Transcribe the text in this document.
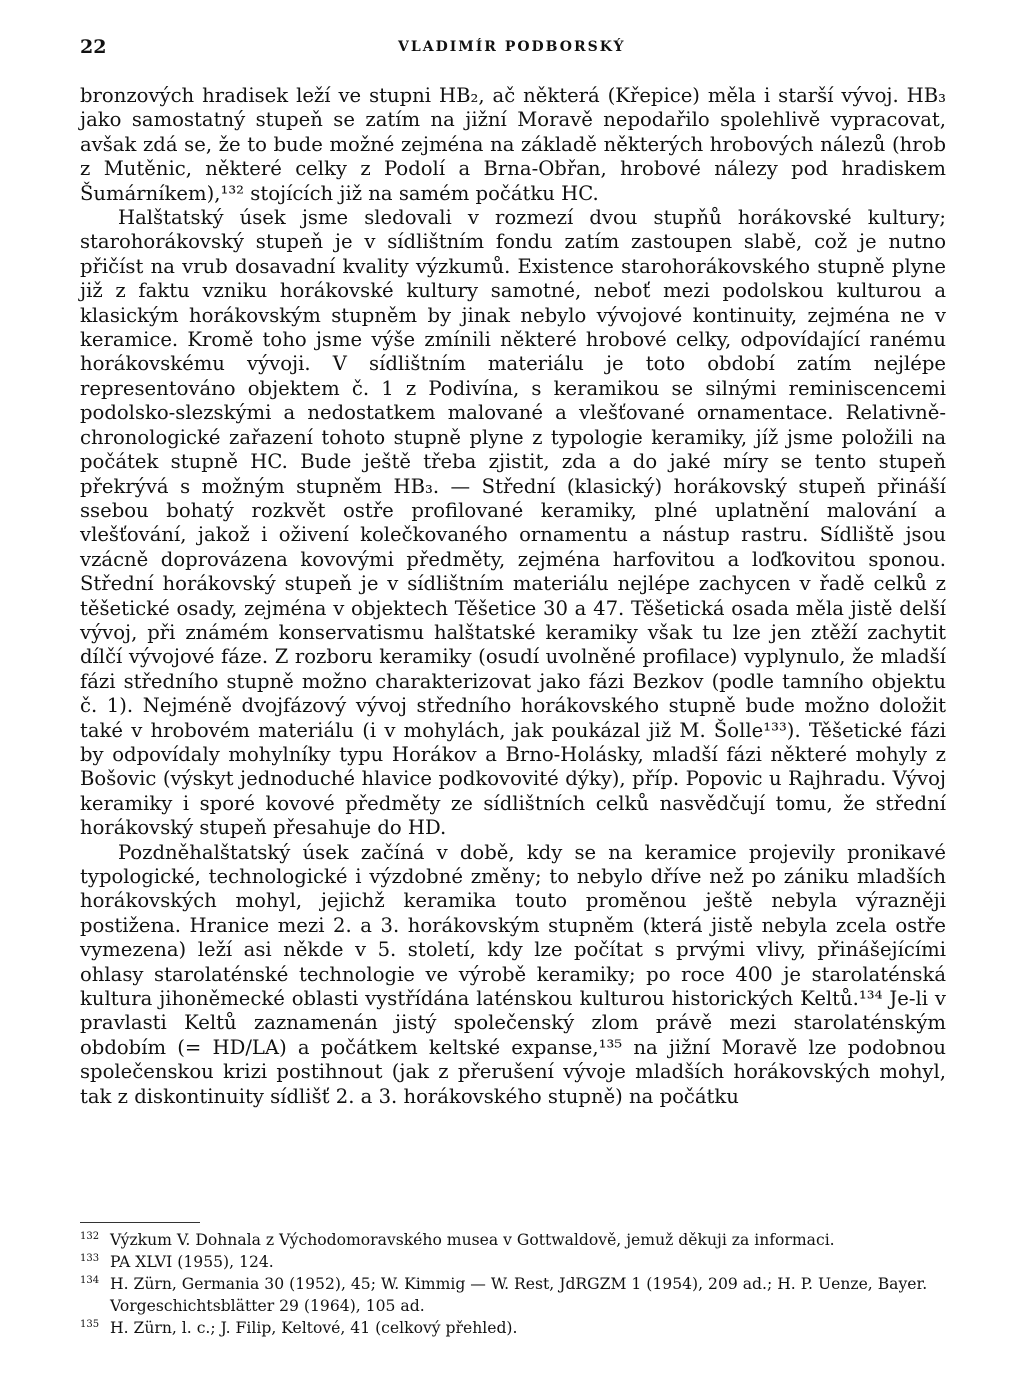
22	VLADIMÍR PODBORSKÝ

bronzových hradisek leží ve stupni HB₂, ač některá (Křepice) měla i starší vývoj. HB₃ jako samostatný stupeň se zatím na jižní Moravě nepodařilo spolehlivě vypracovat, avšak zdá se, že to bude možné zejména na základě některých hrobových nálezů (hrob z Mutěnic, některé celky z Podolí a Brna-Obřan, hrobové nálezy pod hradiskem Šumárníkem),¹³² stojících již na samém počátku HC.

Halštatský úsek jsme sledovali v rozmezí dvou stupňů horákovské kultury; starohorákovský stupeň je v sídlištním fondu zatím zastoupen slabě, což je nutno přičíst na vrub dosavadní kvality výzkumů. Existence starohorákovského stupně plyne již z faktu vzniku horákovské kultury samotné, neboť mezi podolskou kulturou a klasickým horákovským stupněm by jinak nebylo vývojové kontinuity, zejména ne v keramice. Kromě toho jsme výše zmínili některé hrobové celky, odpovídající ranému horákovskému vývoji. V sídlištním materiálu je toto období zatím nejlépe representováno objektem č. 1 z Podivína, s keramikou se silnými reminiscencemi podolsko-slezskými a nedostatkem malované a vlešťované ornamentace. Relativně-chronologické zařazení tohoto stupně plyne z typologie keramiky, jíž jsme položili na počátek stupně HC. Bude ještě třeba zjistit, zda a do jaké míry se tento stupeň překrývá s možným stupněm HB₃. — Střední (klasický) horákovský stupeň přináší ssebou bohatý rozkvět ostře profilované keramiky, plné uplatnění malování a vlešťování, jakož i oživení kolečkovaného ornamentu a nástup rastru. Sídliště jsou vzácně doprovázena kovovými předměty, zejména harfovitou a loďkovitou sponou. Střední horákovský stupeň je v sídlištním materiálu nejlépe zachycen v řadě celků z těšetické osady, zejména v objektech Těšetice 30 a 47. Těšetická osada měla jistě delší vývoj, při známém konservatismu halštatské keramiky však tu lze jen ztěží zachytit dílčí vývojové fáze. Z rozboru keramiky (osudí uvolněné profilace) vyplynulo, že mladší fázi středního stupně možno charakterizovat jako fázi Bezkov (podle tamního objektu č. 1). Nejméně dvojfázový vývoj středního horákovského stupně bude možno doložit také v hrobovém materiálu (i v mohylách, jak poukázal již M. Šolle¹³³). Těšetické fázi by odpovídaly mohylníky typu Horákov a Brno-Holásky, mladší fázi některé mohyly z Bošovic (výskyt jednoduché hlavice podkovovité dýky), příp. Popovic u Rajhradu. Vývoj keramiky i sporé kovové předměty ze sídlištních celků nasvědčují tomu, že střední horákovský stupeň přesahuje do HD.

Pozdněhalštatský úsek začíná v době, kdy se na keramice projevily pronikavé typologické, technologické i výzdobné změny; to nebylo dříve než po zániku mladších horákovských mohyl, jejichž keramika touto proměnou ještě nebyla výrazněji postižena. Hranice mezi 2. a 3. horákovským stupněm (která jistě nebyla zcela ostře vymezena) leží asi někde v 5. století, kdy lze počítat s prvými vlivy, přinášejícími ohlasy starolaténské technologie ve výrobě keramiky; po roce 400 je starolaténská kultura jihoněmecké oblasti vystřídána laténskou kulturou historických Keltů.¹³⁴ Je-li v pravlasti Keltů zaznamenán jistý společenský zlom právě mezi starolaténským obdobím (= HD/LA) a počátkem keltské expanse,¹³⁵ na jižní Moravě lze podobnou společenskou krizi postihnout (jak z přerušení vývoje mladších horákovských mohyl, tak z diskontinuity sídlišť 2. a 3. horákovského stupně) na počátku

132 Výzkum V. Dohnala z Východomoravského musea v Gottwaldově, jemuž děkuji za informaci.
133 PA XLVI (1955), 124.
134 H. Zürn, Germania 30 (1952), 45; W. Kimmig — W. Rest, JdRGZM 1 (1954), 209 ad.; H. P. Uenze, Bayer. Vorgeschichtsblätter 29 (1964), 105 ad.
135 H. Zürn, l. c.; J. Filip, Keltové, 41 (celkový přehled).
